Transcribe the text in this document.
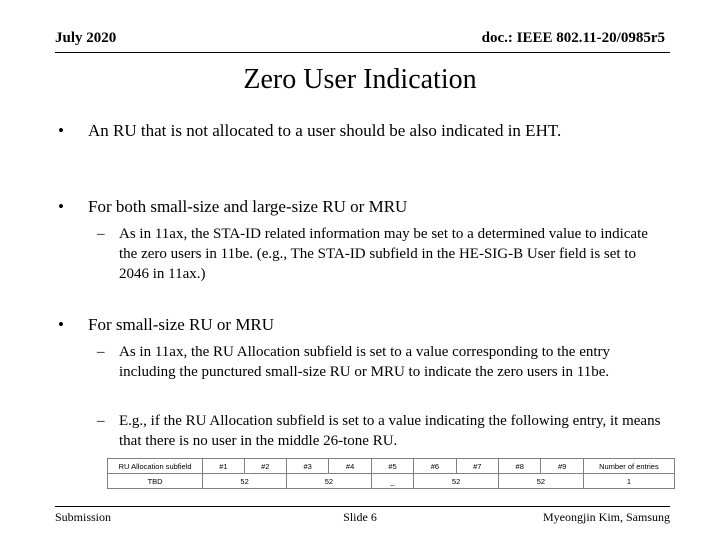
July 2020	doc.: IEEE 802.11-20/0985r5
Zero User Indication
•	An RU that is not allocated to a user should be also indicated in EHT.
•	For both small-size and large-size RU or MRU
– As in 11ax, the STA-ID related information may be set to a determined value to indicate the zero users in 11be. (e.g., The STA-ID subfield in the HE-SIG-B User field is set to 2046 in 11ax.)
•	For small-size RU or MRU
– As in 11ax, the RU Allocation subfield is set to a value corresponding to the entry including the punctured small-size RU or MRU to indicate the zero users in 11be.
– E.g., if the RU Allocation subfield is set to a value indicating the following entry, it means that there is no user in the middle 26-tone RU.
RU Allocation subfield	#1	#2	#3	#4	#5	#6	#7	#8	#9	Number of entries
TBD	52		52		_	52		52		1
Submission	Slide 6	Myeongjin Kim, Samsung
